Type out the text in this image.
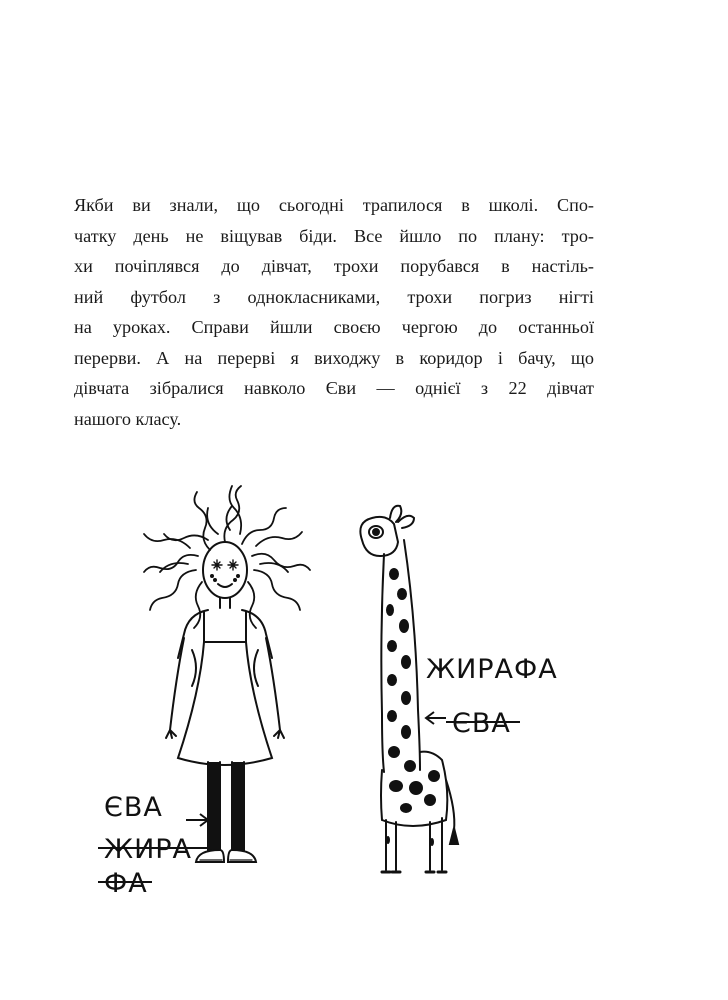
Якби ви знали, що сьогодні трапилося в школі. Спо-
чатку день не віщував біди. Все йшло по плану: тро-
хи почіплявся до дівчат, трохи порубався в настіль-
ний футбол з однокласниками, трохи погриз нігті
на уроках. Справи йшли своєю чергою до останньої
перерви. А на перерві я виходжу в коридор і бачу, що
дівчата зібралися навколо Єви — однієї з 22 дівчат
нашого класу.
ЄВА
ЖИРА
ФА
ЖИРАФА
ЄВА
